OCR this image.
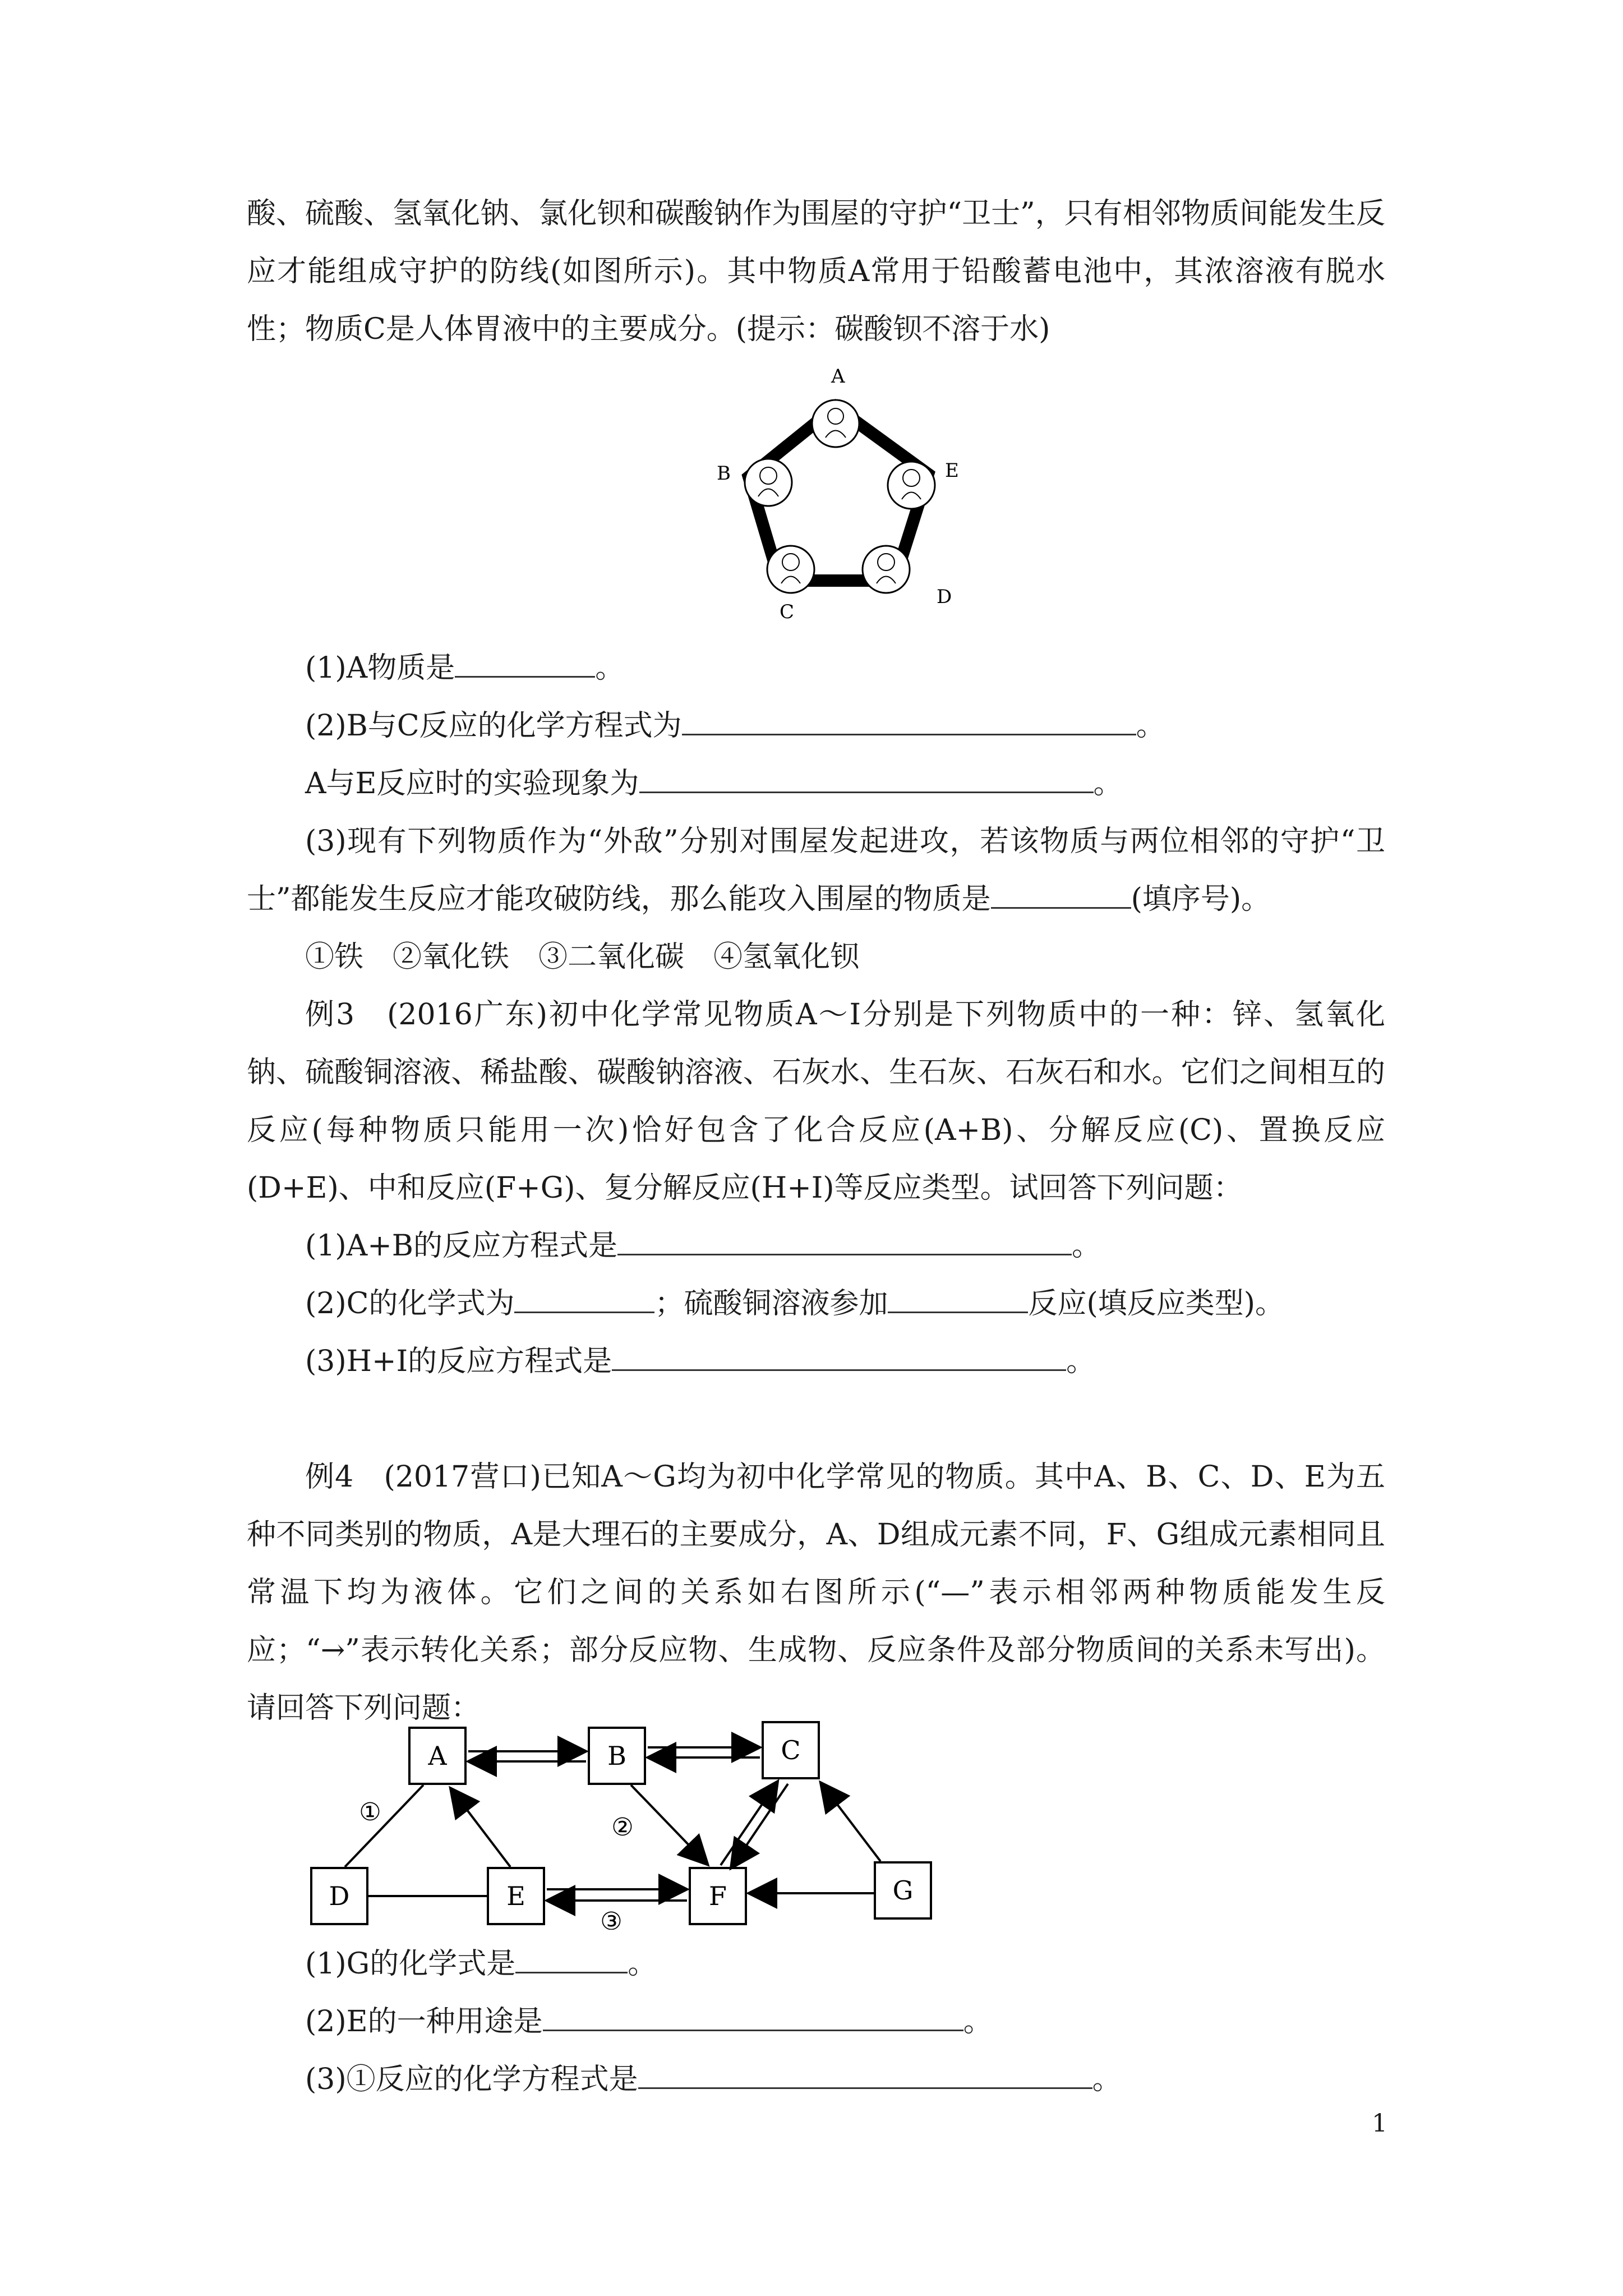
酸、硫酸、氢氧化钠、氯化钡和碳酸钠作为围屋的守护“卫士”，只有相邻物质间能发生反应才能组成守护的防线(如图所示)。其中物质A常用于铅酸蓄电池中，其浓溶液有脱水性；物质C是人体胃液中的主要成分。(提示：碳酸钡不溶于水)

A
B
C
D
E

(1)A物质是	。

(2)B与C反应的化学方程式为	。

A与E反应时的实验现象为	。

(3)现有下列物质作为“外敌”分别对围屋发起进攻，若该物质与两位相邻的守护“卫士”都能发生反应才能攻破防线，那么能攻入围屋的物质是	(填序号)。

①铁　②氧化铁　③二氧化碳　④氢氧化钡

例3　(2016广东)初中化学常见物质A～I分别是下列物质中的一种：锌、氢氧化钠、硫酸铜溶液、稀盐酸、碳酸钠溶液、石灰水、生石灰、石灰石和水。它们之间相互的反应(每种物质只能用一次)恰好包含了化合反应(A+B)、分解反应(C)、置换反应(D+E)、中和反应(F+G)、复分解反应(H+I)等反应类型。试回答下列问题：

(1)A+B的反应方程式是	。

(2)C的化学式为	；硫酸铜溶液参加	反应(填反应类型)。

(3)H+I的反应方程式是	。

例4　(2017营口)已知A～G均为初中化学常见的物质。其中A、B、C、D、E为五种不同类别的物质，A是大理石的主要成分，A、D组成元素不同，F、G组成元素相同且常温下均为液体。它们之间的关系如右图所示(“—”表示相邻两种物质能发生反应；“→”表示转化关系；部分反应物、生成物、反应条件及部分物质间的关系未写出)。请回答下列问题：

A	B	C
D	E	F	G
①
②
③

(1)G的化学式是	。

(2)E的一种用途是	。

(3)①反应的化学方程式是	。

1
